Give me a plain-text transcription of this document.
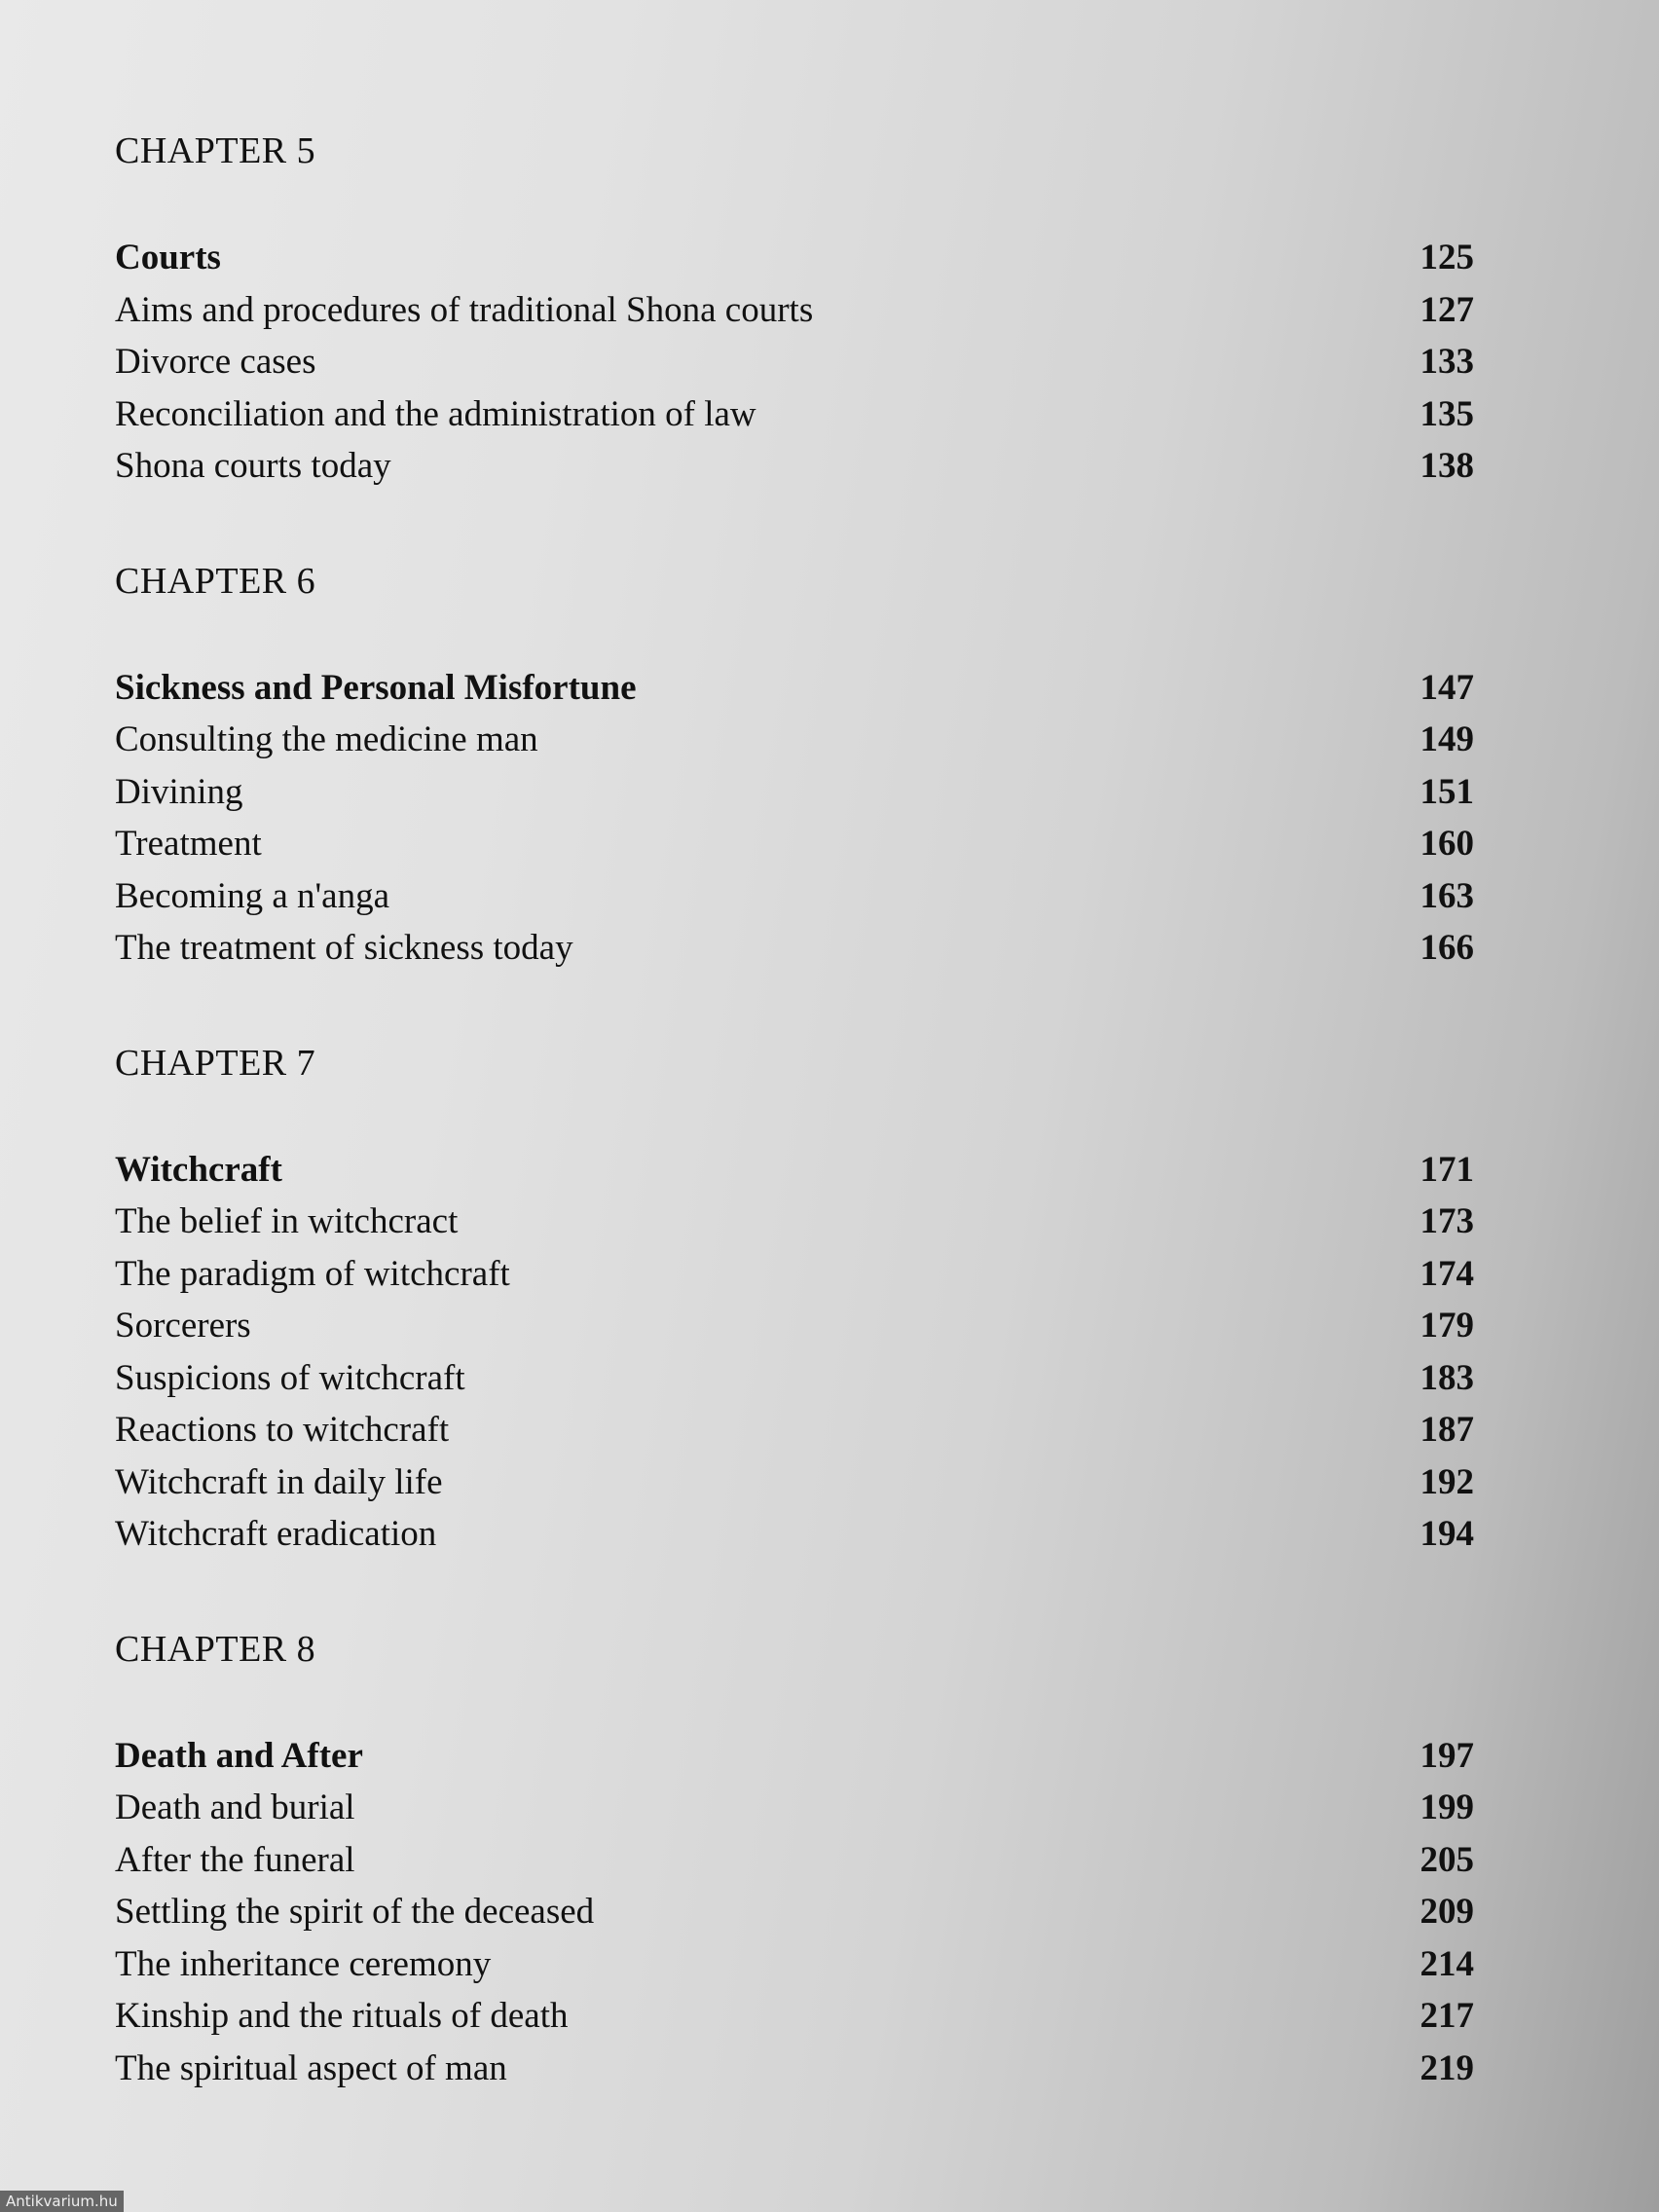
CHAPTER 5
Courts	125
Aims and procedures of traditional Shona courts	127
Divorce cases	133
Reconciliation and the administration of law	135
Shona courts today	138
CHAPTER 6
Sickness and Personal Misfortune	147
Consulting the medicine man	149
Divining	151
Treatment	160
Becoming a n'anga	163
The treatment of sickness today	166
CHAPTER 7
Witchcraft	171
The belief in witchcract	173
The paradigm of witchcraft	174
Sorcerers	179
Suspicions of witchcraft	183
Reactions to witchcraft	187
Witchcraft in daily life	192
Witchcraft eradication	194
CHAPTER 8
Death and After	197
Death and burial	199
After the funeral	205
Settling the spirit of the deceased	209
The inheritance ceremony	214
Kinship and the rituals of death	217
The spiritual aspect of man	219
Antikvarium.hu
